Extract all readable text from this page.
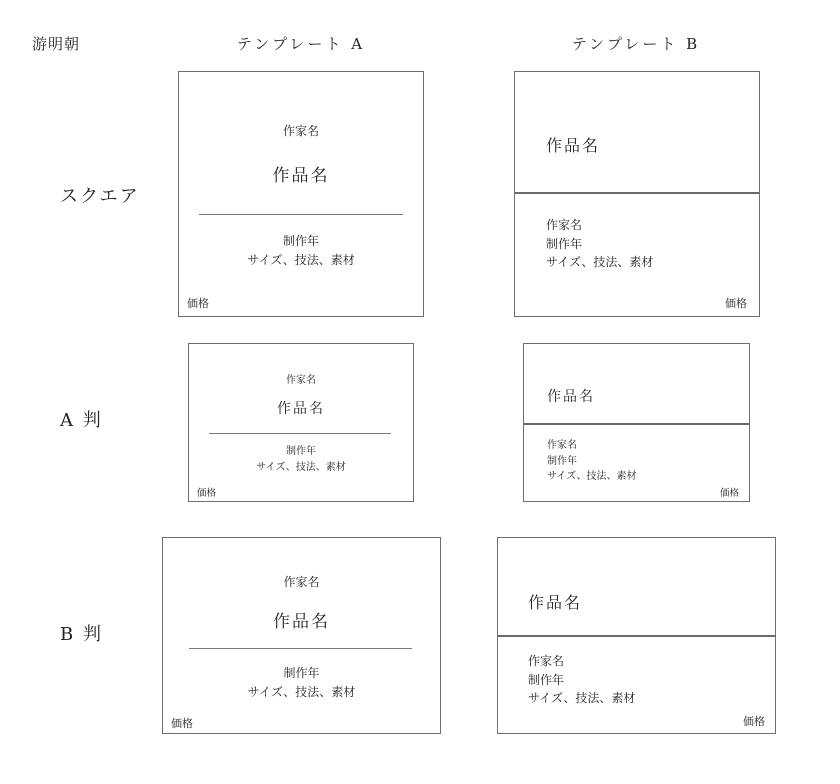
游明朝	テンプレート A	テンプレート B
スクエア
A 判
B 判
作家名
作品名
制作年
サイズ、技法、素材
価格
作品名
作家名
制作年
サイズ、技法、素材
価格
作家名
作品名
制作年
サイズ、技法、素材
価格
作品名
作家名
制作年
サイズ、技法、素材
価格
作家名
作品名
制作年
サイズ、技法、素材
価格
作品名
作家名
制作年
サイズ、技法、素材
価格
